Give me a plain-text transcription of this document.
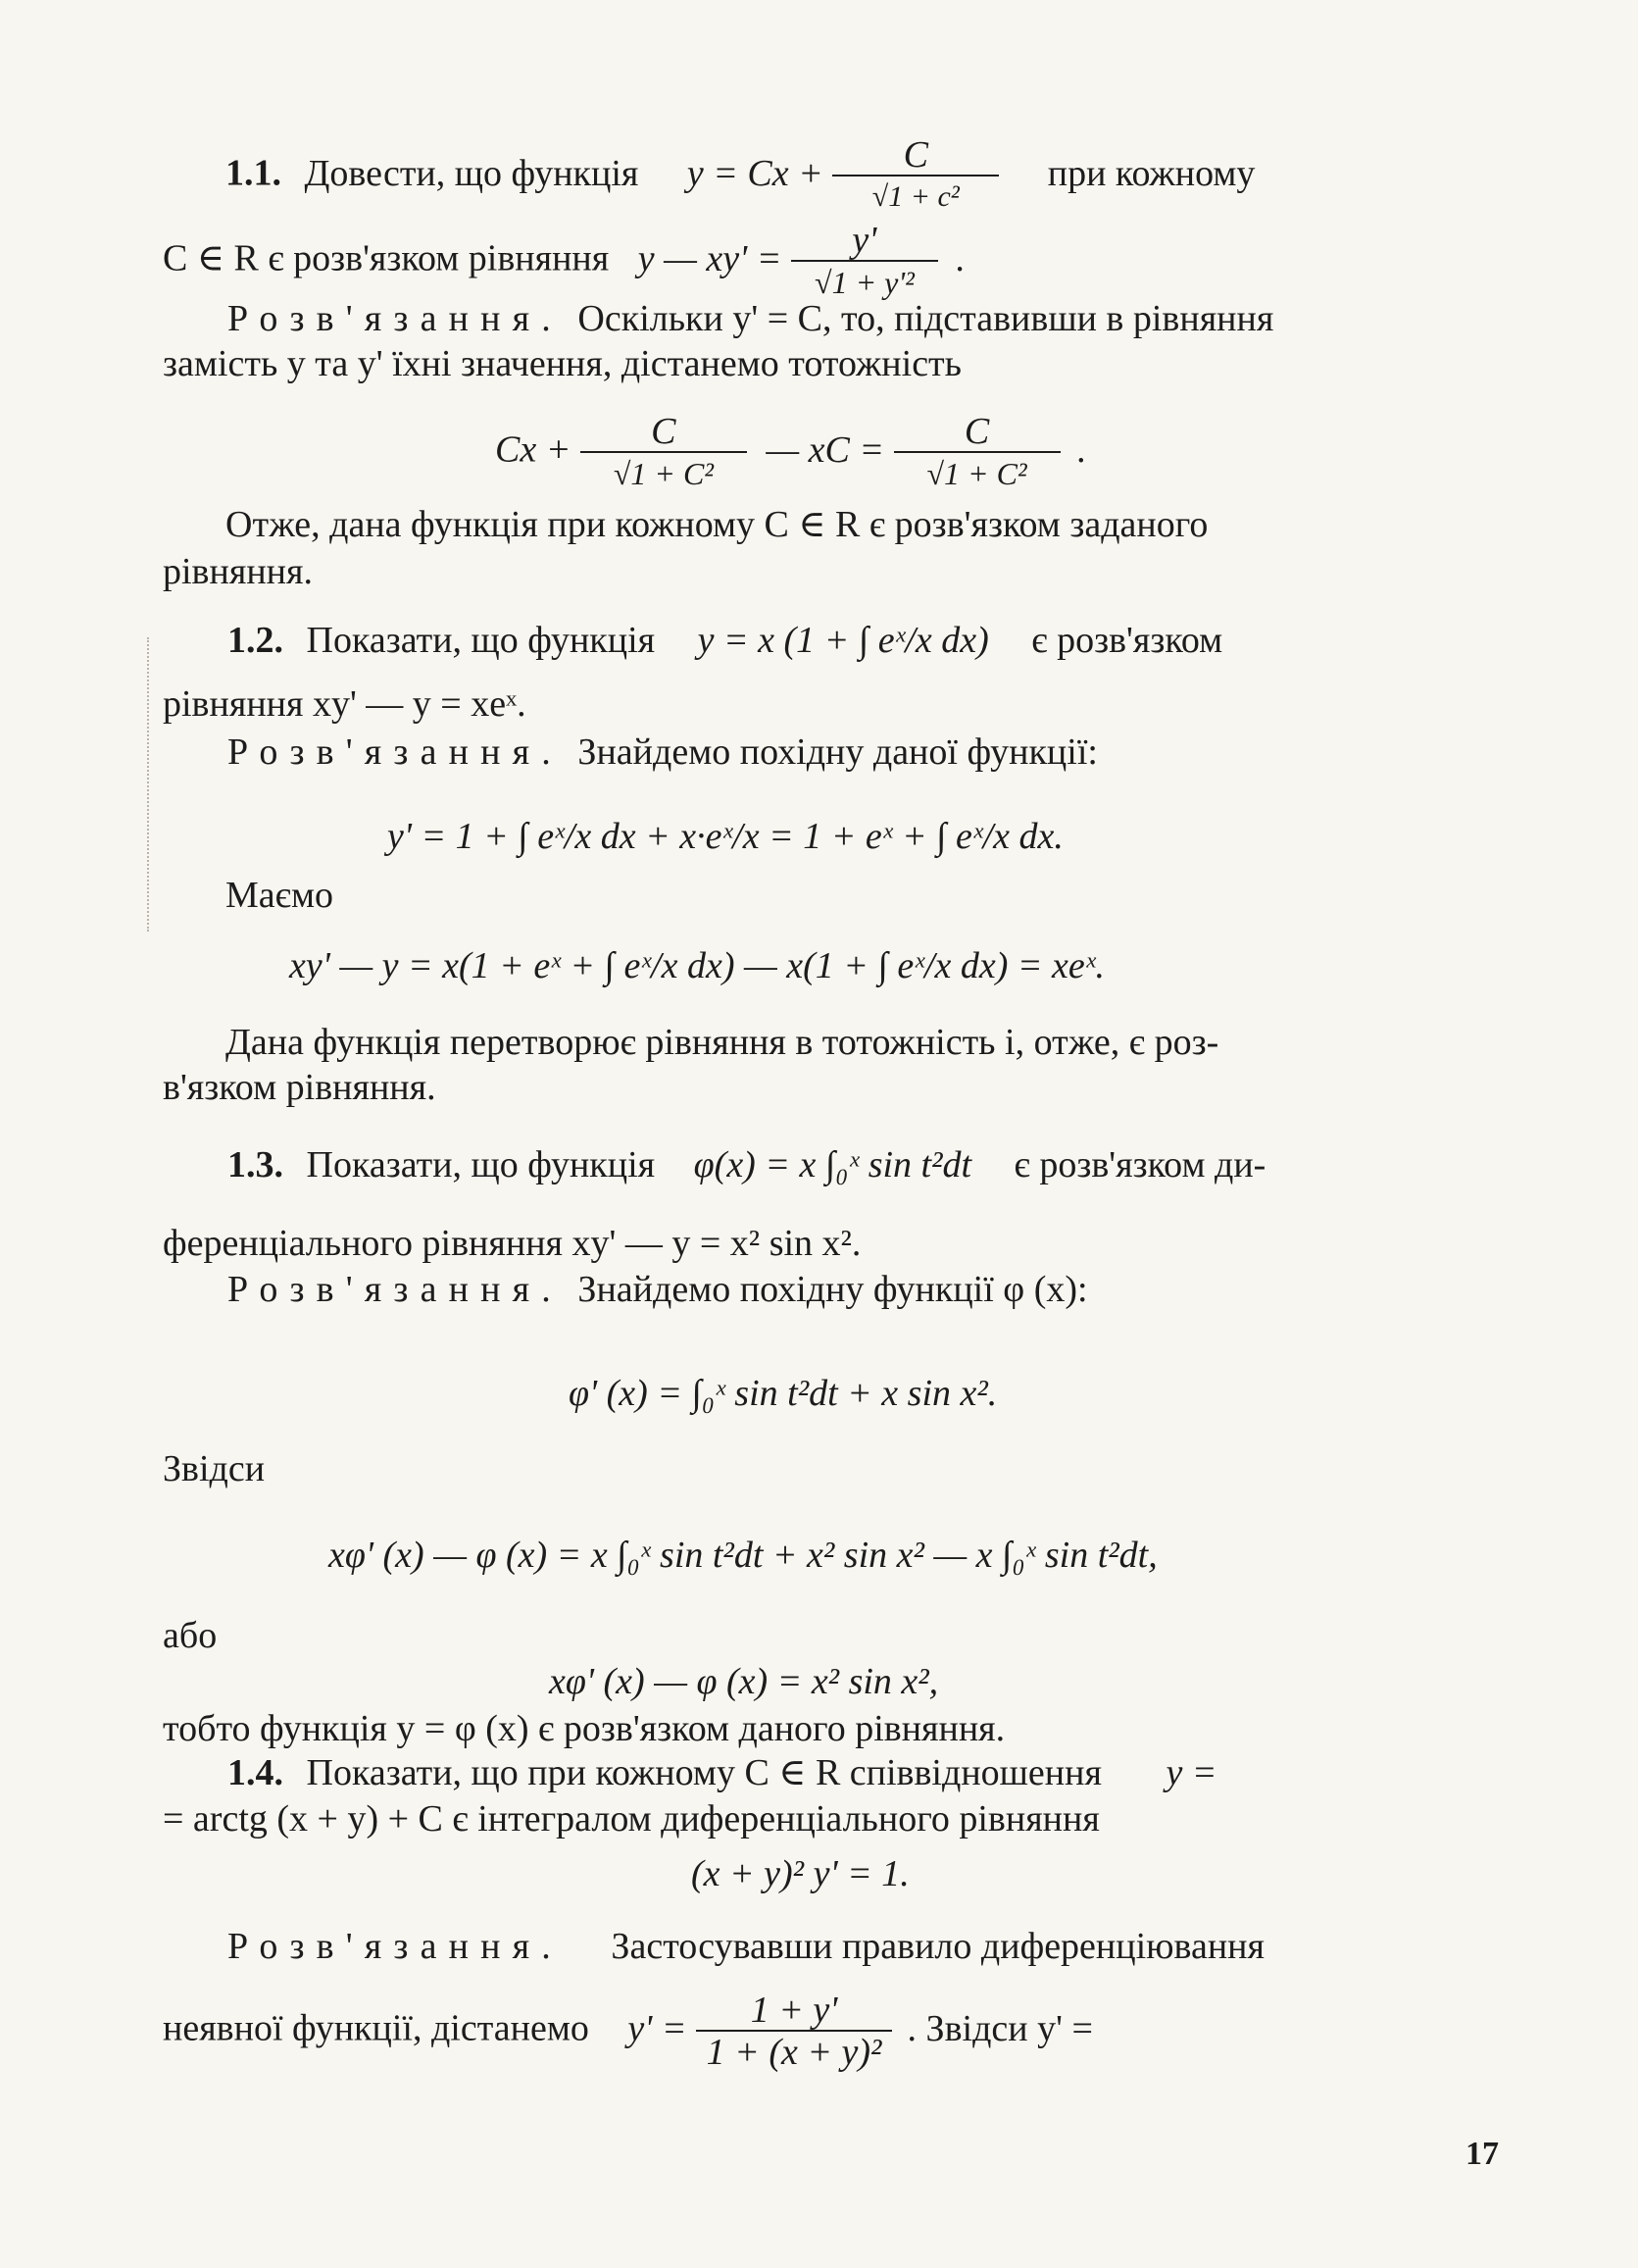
1.1. Довести, що функція $y = Cx + \frac{C}{\text{√1 + c²}}$ при кожному
C ∈ R є розв'язком рівняння y — $xy' = \frac{y'}{\text{√1 + y'²}}$ .
Розв'язання. Оскільки y' = C, то, підставивши в рівняння
замість y та y' їхні значення, дістанемо тотожність
$Cx + \frac{C}{\text{√1 + C²}}$ — xC = $\frac{C}{\text{√1 + C²}}$ .
Отже, дана функція при кожному C ∈ R є розв'язком заданого
рівняння.
1.2. Показати, що функція y = x (1 + ∫ eˣ/x dx) є розв'язком
рівняння xy' — y = xeˣ.
Розв'язання. Знайдемо похідну даної функції:
y' = 1 + ∫ eˣ/x dx + x·eˣ/x = 1 + eˣ + ∫ eˣ/x dx.
Маємо
xy' — y = x(1 + eˣ + ∫ eˣ/x dx) — x(1 + ∫ eˣ/x dx) = xeˣ.
Дана функція перетворює рівняння в тотожність і, отже, є роз-
в'язком рівняння.
1.3. Показати, що функція φ(x) = x ∫₀ˣ sin t²dt є розв'язком ди-
ференціального рівняння xy' — y = x² sin x².
Розв'язання. Знайдемо похідну функції φ (x):
φ' (x) = ∫₀ˣ sin t²dt + x sin x².
Звідси
xφ' (x) — φ (x) = x ∫₀ˣ sin t²dt + x² sin x² — x ∫₀ˣ sin t²dt,
або
xφ' (x) — φ (x) = x² sin x²,
тобто функція y = φ (x) є розв'язком даного рівняння.
1.4. Показати, що при кожному C ∈ R співвідношення y =
= arctg (x + y) + C є інтегралом диференціального рівняння
(x + y)² y' = 1.
Розв'язання. Застосувавши правило диференціювання
неявної функції, дістанемо $y' = \frac{1 + y'}{\text{1 + (x + y)²}}$ . Звідси y' =
17
